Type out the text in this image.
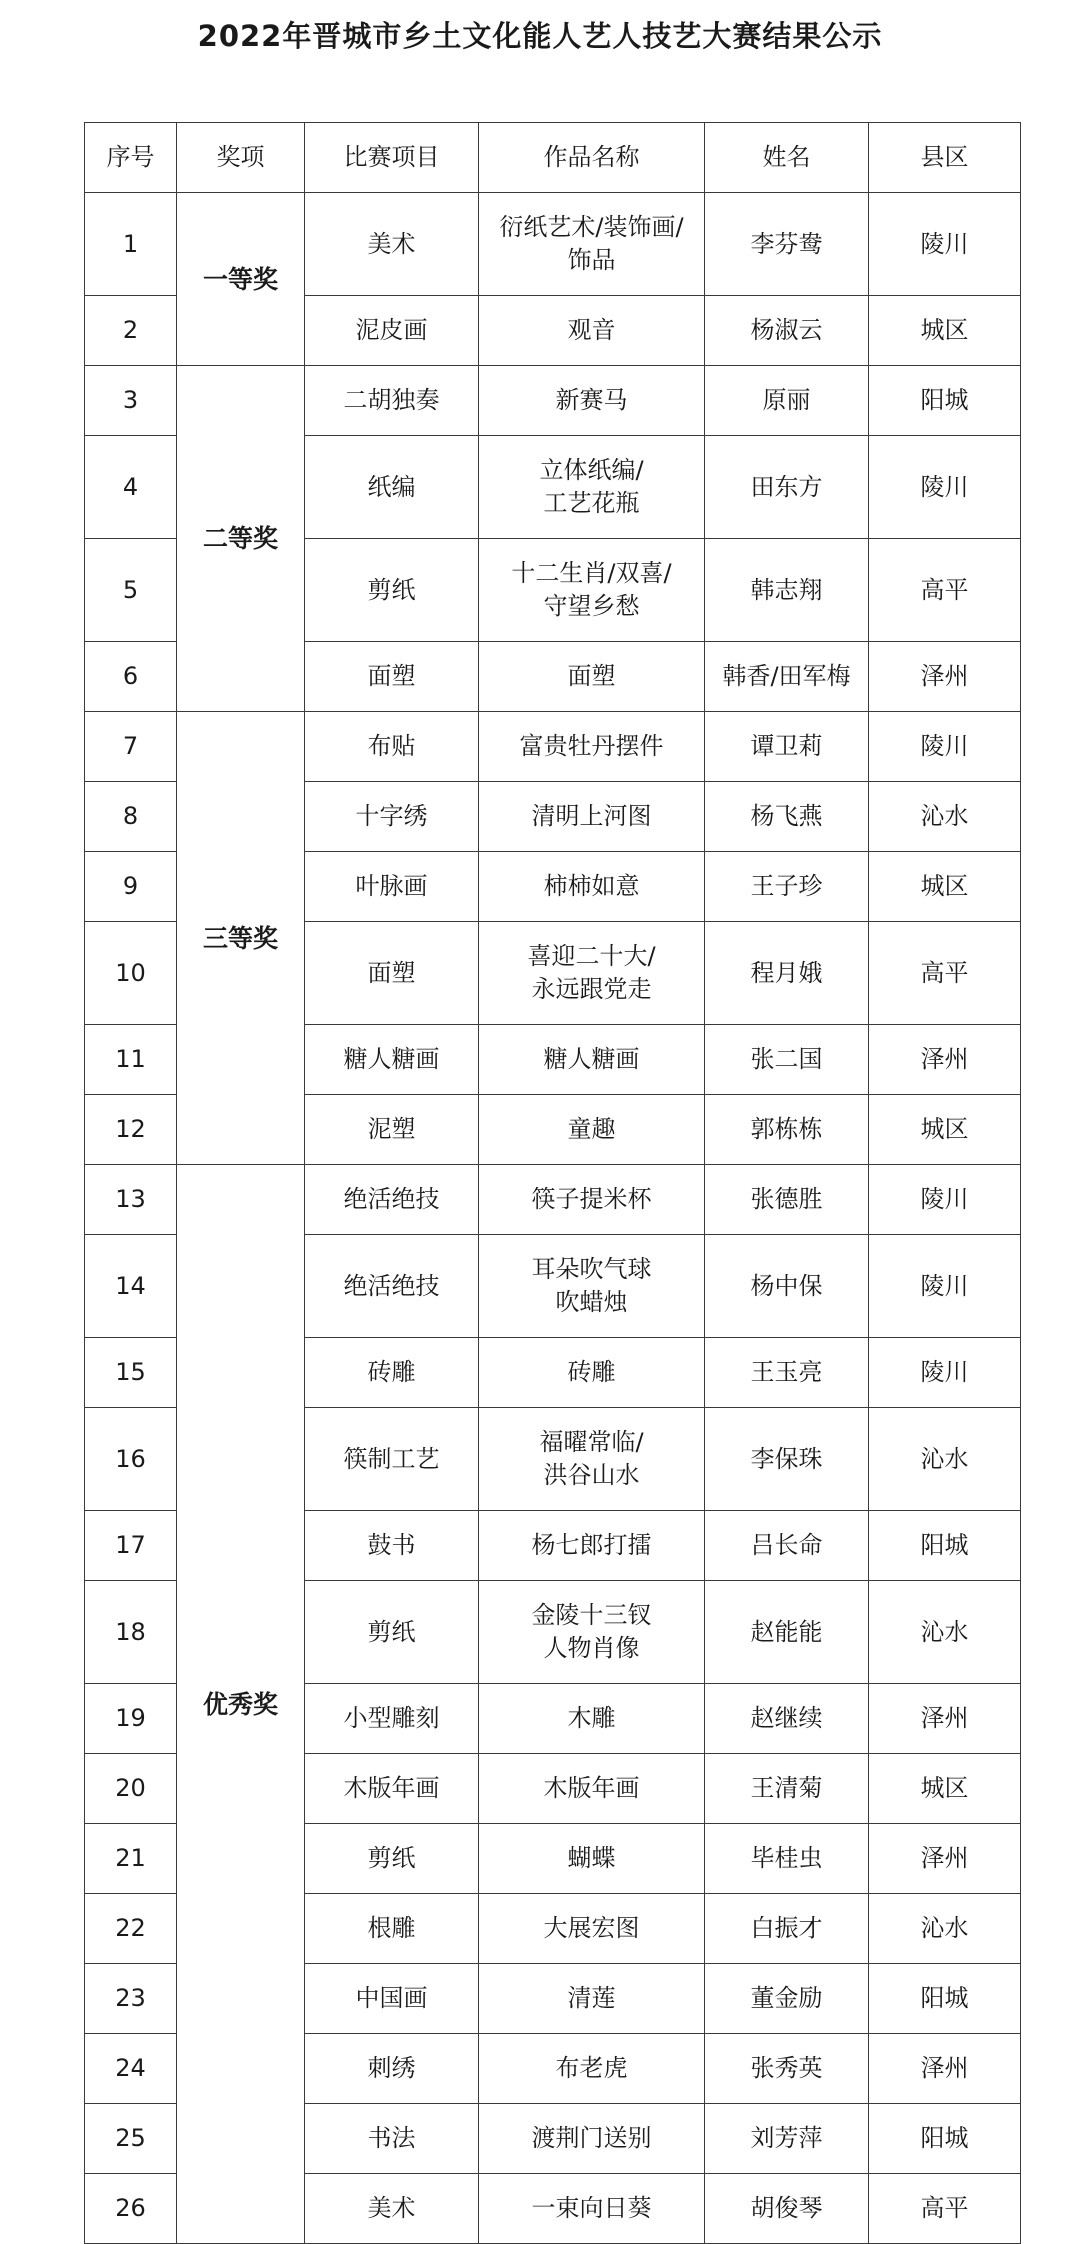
2022年晋城市乡土文化能人艺人技艺大赛结果公示
序号	奖项	比赛项目	作品名称	姓名	县区
1	一等奖	美术	衍纸艺术/装饰画/
饰品	李芬鸯	陵川
2		泥皮画	观音	杨淑云	城区
3	二等奖	二胡独奏	新赛马	原丽	阳城
4		纸编	立体纸编/
工艺花瓶	田东方	陵川
5		剪纸	十二生肖/双喜/
守望乡愁	韩志翔	高平
6		面塑	面塑	韩香/田军梅	泽州
7	三等奖	布贴	富贵牡丹摆件	谭卫莉	陵川
8		十字绣	清明上河图	杨飞燕	沁水
9		叶脉画	柿柿如意	王子珍	城区
10		面塑	喜迎二十大/
永远跟党走	程月娥	高平
11		糖人糖画	糖人糖画	张二国	泽州
12		泥塑	童趣	郭栋栋	城区
13	优秀奖	绝活绝技	筷子提米杯	张德胜	陵川
14		绝活绝技	耳朵吹气球
吹蜡烛	杨中保	陵川
15		砖雕	砖雕	王玉亮	陵川
16		筷制工艺	福曜常临/
洪谷山水	李保珠	沁水
17		鼓书	杨七郎打擂	吕长命	阳城
18		剪纸	金陵十三钗
人物肖像	赵能能	沁水
19		小型雕刻	木雕	赵继续	泽州
20		木版年画	木版年画	王清菊	城区
21		剪纸	蝴蝶	毕桂虫	泽州
22		根雕	大展宏图	白振才	沁水
23		中国画	清莲	董金励	阳城
24		刺绣	布老虎	张秀英	泽州
25		书法	渡荆门送别	刘芳萍	阳城
26		美术	一束向日葵	胡俊琴	高平
